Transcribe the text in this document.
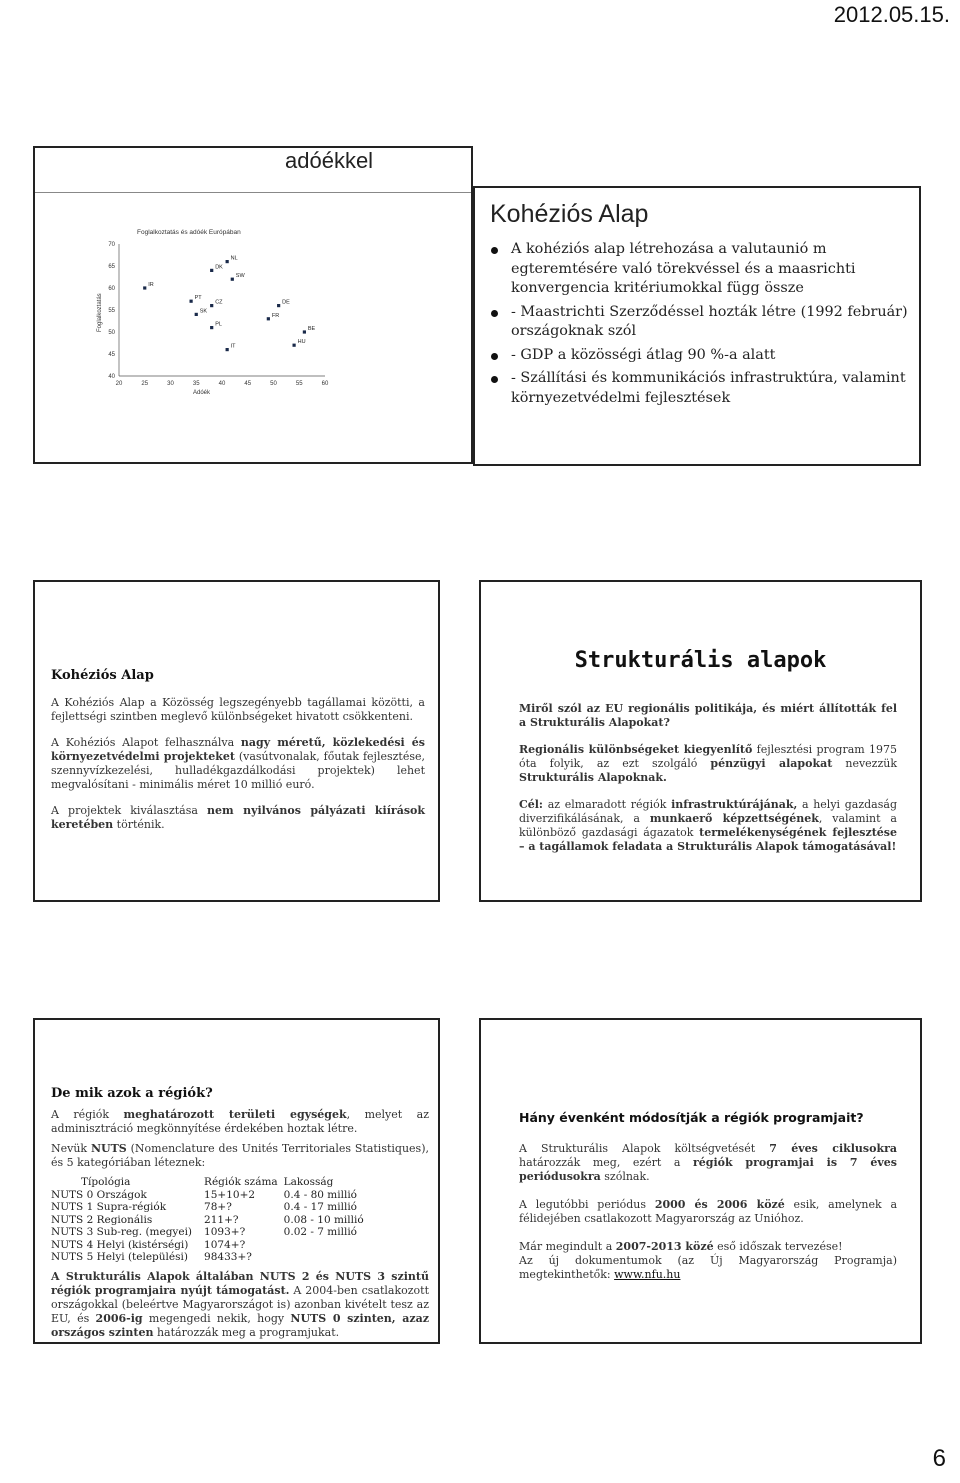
2012.05.15.
adóékkel
Foglalkoztatás és adóék Európában
40
45
50
55
60
65
70
20	25	30	35	40	45	50	55	60
Adóék
Foglalkoztatás
IR
PT
SK
DK
NL
SW
CZ
PL
IT
DE
FR
BE
HU
Kohéziós Alap
A kohéziós alap létrehozása a valutaunió m egteremtésére való törekvéssel és a maasrichti konvergencia kritériumokkal függ össze
- Maastrichti Szerződéssel hozták létre (1992 február) országoknak szól
- GDP a közösségi átlag 90 %-a alatt
- Szállítási és kommunikációs infrastruktúra, valamint környezetvédelmi fejlesztések
Kohéziós Alap

A Kohéziós Alap a Közösség legszegényebb tagállamai közötti, a fejlettségi szintben meglevő különbségeket hivatott csökkenteni.

A Kohéziós Alapot felhasználva nagy méretű, közlekedési és környezetvédelmi projekteket (vasútvonalak, főutak fejlesztése, szennyvízkezelési, hulladékgazdálkodási projektek) lehet megvalósítani - minimális méret 10 millió euró.

A projektek kiválasztása nem nyilvános pályázati kiírások keretében történik.

Strukturális alapok

Miről szól az EU regionális politikája, és miért állították fel a Strukturális Alapokat?

Regionális különbségeket kiegyenlítő fejlesztési program 1975 óta folyik, az ezt szolgáló pénzügyi alapokat nevezzük Strukturális Alapoknak.

Cél: az elmaradott régiók infrastruktúrájának, a helyi gazdaság diverzifikálásának, a munkaerő képzettségének, valamint a különböző gazdasági ágazatok termelékenységének fejlesztése – a tagállamok feladata a Strukturális Alapok támogatásával!

De mik azok a régiók?

A régiók meghatározott területi egységek, melyet az adminisztráció megkönnyítése érdekében hoztak létre.

Nevük NUTS (Nomenclature des Unités Territoriales Statistiques), és 5 kategóriában léteznek:

Típológia	Régiók száma	Lakosság
NUTS 0 Országok	15+10+2	0.4 - 80 millió
NUTS 1 Supra-régiók	78+?	0.4 - 17 millió
NUTS 2 Regionális	211+?	0.08 - 10 millió
NUTS 3 Sub-reg. (megyei)	1093+?	0.02 - 7 millió
NUTS 4 Helyi (kistérségi)	1074+?	
NUTS 5 Helyi (települési)	98433+?	

A Strukturális Alapok általában NUTS 2 és NUTS 3 szintű régiók programjaira nyújt támogatást. A 2004-ben csatlakozott országokkal (beleértve Magyarországot is) azonban kivételt tesz az EU, és 2006-ig megengedi nekik, hogy NUTS 0 szinten, azaz országos szinten határozzák meg a programjukat.

Hány évenként módosítják a régiók programjait?

A Strukturális Alapok költségvetését 7 éves ciklusokra határozzák meg, ezért a régiók programjai is 7 éves periódusokra szólnak.

A legutóbbi periódus 2000 és 2006 közé esik, amelynek a félidejében csatlakozott Magyarország az Unióhoz.

Már megindult a 2007-2013 közé eső időszak tervezése!

Az új dokumentumok (az Új Magyarország Programja) megtekinthetők: www.nfu.hu

6
